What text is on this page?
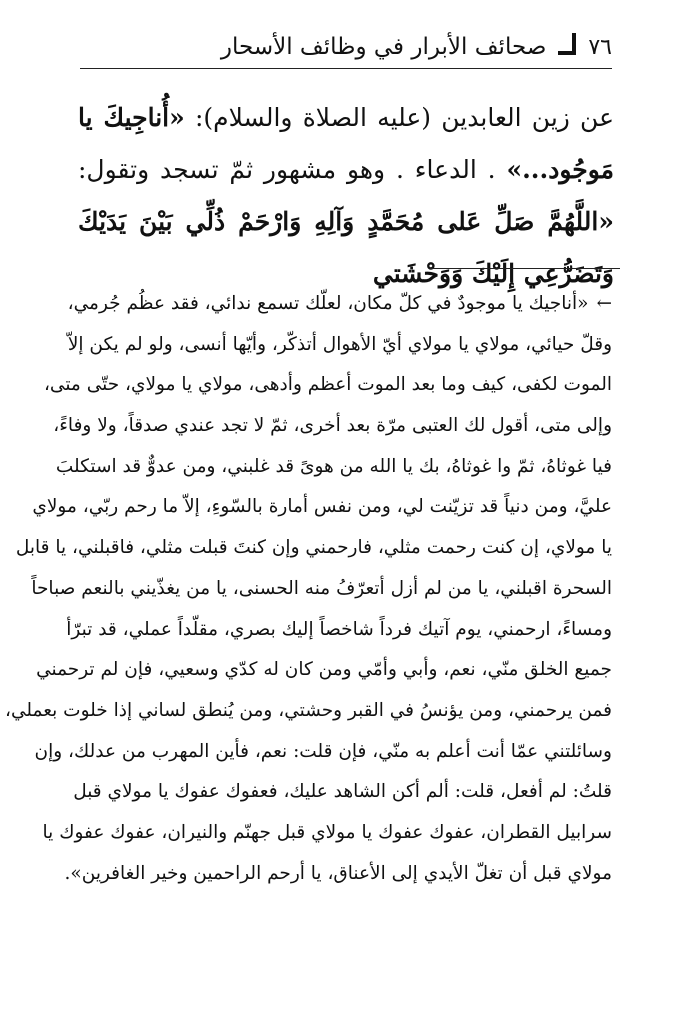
٧٦
صحائف الأبرار في وظائف الأسحار
عن زين العابدين (عليه الصلاة والسلام): «أُناجِيكَ يا مَوجُود...» . الدعاء . وهو مشهور ثمّ تسجد وتقول: «اللَّهُمَّ صَلِّ عَلى مُحَمَّدٍ وَآلِهِ وَارْحَمْ ذُلِّي بَيْنَ يَدَيْكَ وَتَضَرُّعِي إِلَيْكَ وَوَحْشَتي
←«أناجيك يا موجودٌ في كلّ مكان، لعلّك تسمع ندائي، فقد عظُم جُرمي،
وقلّ حيائي، مولاي يا مولاي أيّ الأهوال أتذكّر، وأيّها أنسى، ولو لم يكن إلاّ
الموت لكفى، كيف وما بعد الموت أعظم وأدهى، مولاي يا مولاي، حتّى متى،
وإلى متى، أقول لك العتبى مرّة بعد أخرى، ثمّ لا تجد عندي صدقاً، ولا وفاءً،
فيا غوثاهُ، ثمّ وا غوثاهُ، بك يا الله من هوىً قد غلبني، ومن عدوٌّ قد استكلبَ
عليَّ، ومن دنياً قد تزيّنت لي، ومن نفس أمارة بالسّوءِ، إلاّ ما رحم ربّي، مولاي
يا مولاي، إن كنت رحمت مثلي، فارحمني وإن كنتَ قبلت مثلي، فاقبلني، يا قابل
السحرة اقبلني، يا من لم أزل أتعرّفُ منه الحسنى، يا من يغذّيني بالنعم صباحاً
ومساءً، ارحمني، يوم آتيك فرداً شاخصاً إليك بصري، مقلّداً عملي، قد تبرّأ
جميع الخلق منّي، نعم، وأبي وأمّي ومن كان له كدّي وسعيي، فإن لم ترحمني
فمن يرحمني، ومن يؤنسُ في القبر وحشتي، ومن يُنطق لساني إذا خلوت بعملي،
وسائلتني عمّا أنت أعلم به منّي، فإن قلت: نعم، فأين المهرب من عدلك، وإن
قلتُ: لم أفعل، قلت: ألم أكن الشاهد عليك، فعفوك عفوك يا مولاي قبل
سرابيل القطران، عفوك عفوك يا مولاي قبل جهنّم والنيران، عفوك عفوك يا
مولاي قبل أن تغلّ الأيدي إلى الأعناق، يا أرحم الراحمين وخير الغافرين».
